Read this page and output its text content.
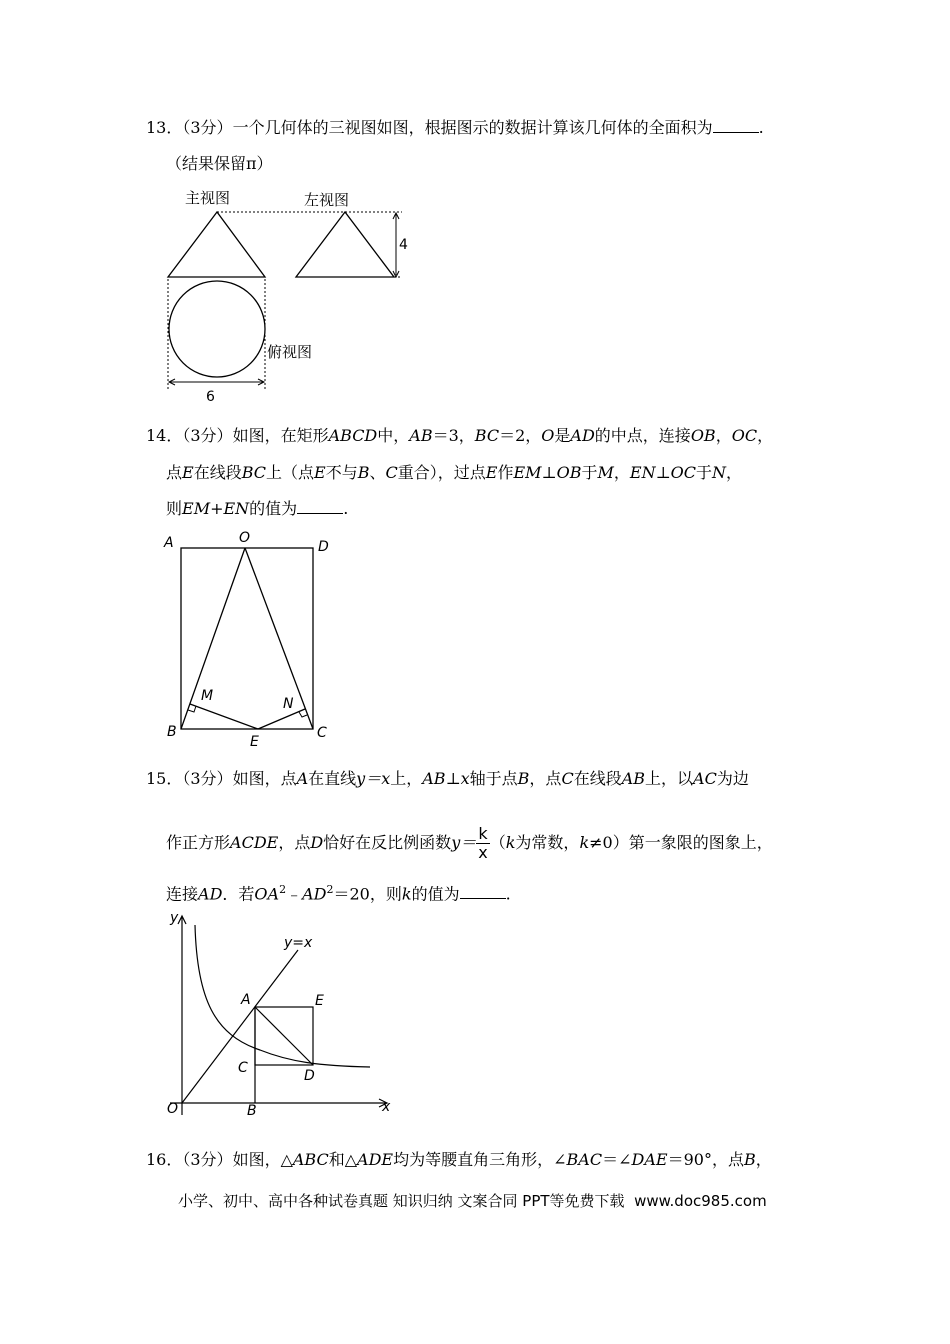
13．（3分）一个几何体的三视图如图，根据图示的数据计算该几何体的全面积为	.
（结果保留π）
主视图	左视图
俯视图
4
6
14．（3分）如图，在矩形ABCD中，AB＝3，BC＝2，O是AD的中点，连接OB，OC，
点E在线段BC上（点E不与B、C重合），过点E作EM⊥OB于M，EN⊥OC于N，
则EM+EN的值为	.
A	O
D
B
E
C
M	N
15．（3分）如图，点A在直线y＝x上，AB⊥x轴于点B，点C在线段AB上，以AC为边
作正方形ACDE，点D恰好在反比例函数$y= \frac{k}{x} (k$为常数，k≠0）第一象限的图象上，
连接AD．若$OA^2﹣AD^2=20$，则k的值为	.
y
x
y=x
A	E
C	D
O	B
16．（3分）如图，△ABC和△ADE均为等腰直角三角形，∠BAC＝∠DAE＝90°，点B，
小学、初中、高中各种试卷真题 知识归纳 文案合同 PPT等免费下载 www.doc985.com
